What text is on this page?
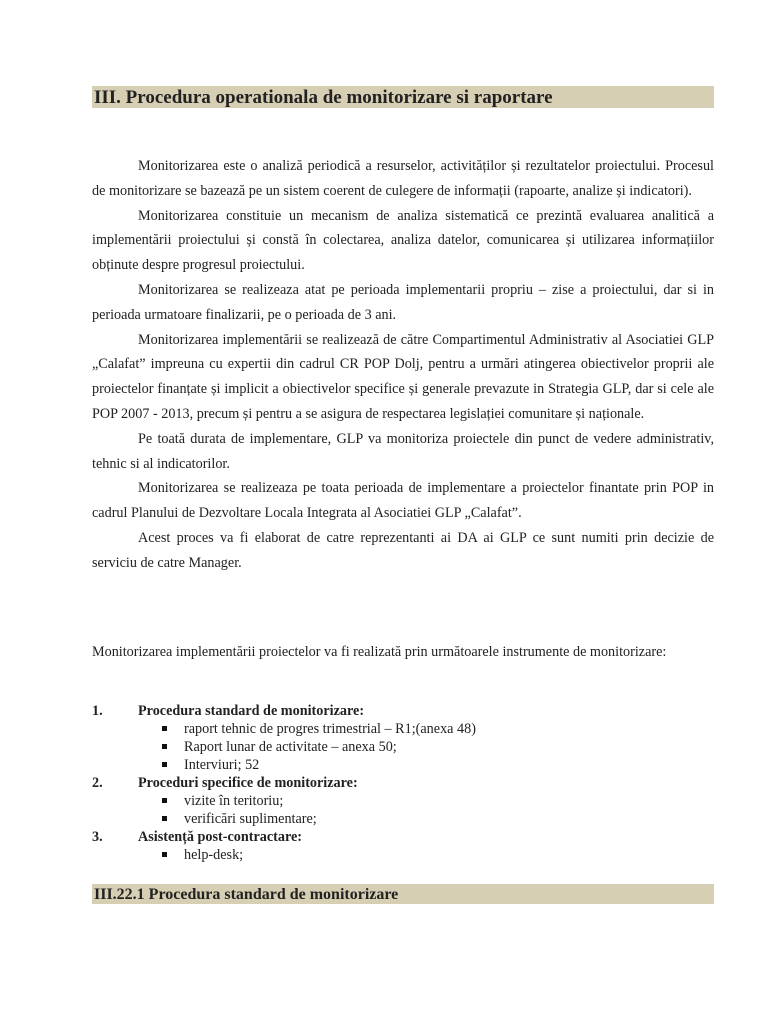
III. Procedura operationala de monitorizare si raportare

Monitorizarea este o analiză periodică a resurselor, activităților și rezultatelor proiectului. Procesul de monitorizare se bazează pe un sistem coerent de culegere de informații (rapoarte, analize și indicatori).

Monitorizarea constituie un mecanism de analiza sistematică ce prezintă evaluarea analitică a implementării proiectului și constă în colectarea, analiza datelor, comunicarea și utilizarea informațiilor obținute despre progresul proiectului.

Monitorizarea se realizeaza atat pe perioada implementarii propriu – zise a proiectului, dar si in perioada urmatoare finalizarii, pe o perioada de 3 ani.

Monitorizarea implementării se realizează de către Compartimentul Administrativ al Asociatiei GLP „Calafat” impreuna cu expertii din cadrul CR POP Dolj, pentru a urmări atingerea obiectivelor proprii ale proiectelor finanțate și implicit a obiectivelor specifice și generale prevazute in Strategia GLP, dar si cele ale POP 2007 - 2013, precum și pentru a se asigura de respectarea legislației comunitare și naționale.

Pe toată durata de implementare, GLP va monitoriza proiectele din punct de vedere administrativ, tehnic si al indicatorilor.

Monitorizarea se realizeaza pe toata perioada de implementare a proiectelor finantate prin POP in cadrul Planului de Dezvoltare Locala Integrata al Asociatiei GLP „Calafat”.

Acest proces va fi elaborat de catre reprezentanti ai DA ai GLP ce sunt numiti prin decizie de serviciu de catre Manager.

Monitorizarea implementării proiectelor va fi realizată prin următoarele instrumente de monitorizare:

1. Procedura standard de monitorizare:
raport tehnic de progres trimestrial – R1;(anexa 48)
Raport lunar de activitate – anexa 50;
Interviuri; 52
2. Proceduri specifice de monitorizare:
vizite în teritoriu;
verificări suplimentare;
3. Asistență post-contractare:
help-desk;
III.22.1 Procedura standard de monitorizare
